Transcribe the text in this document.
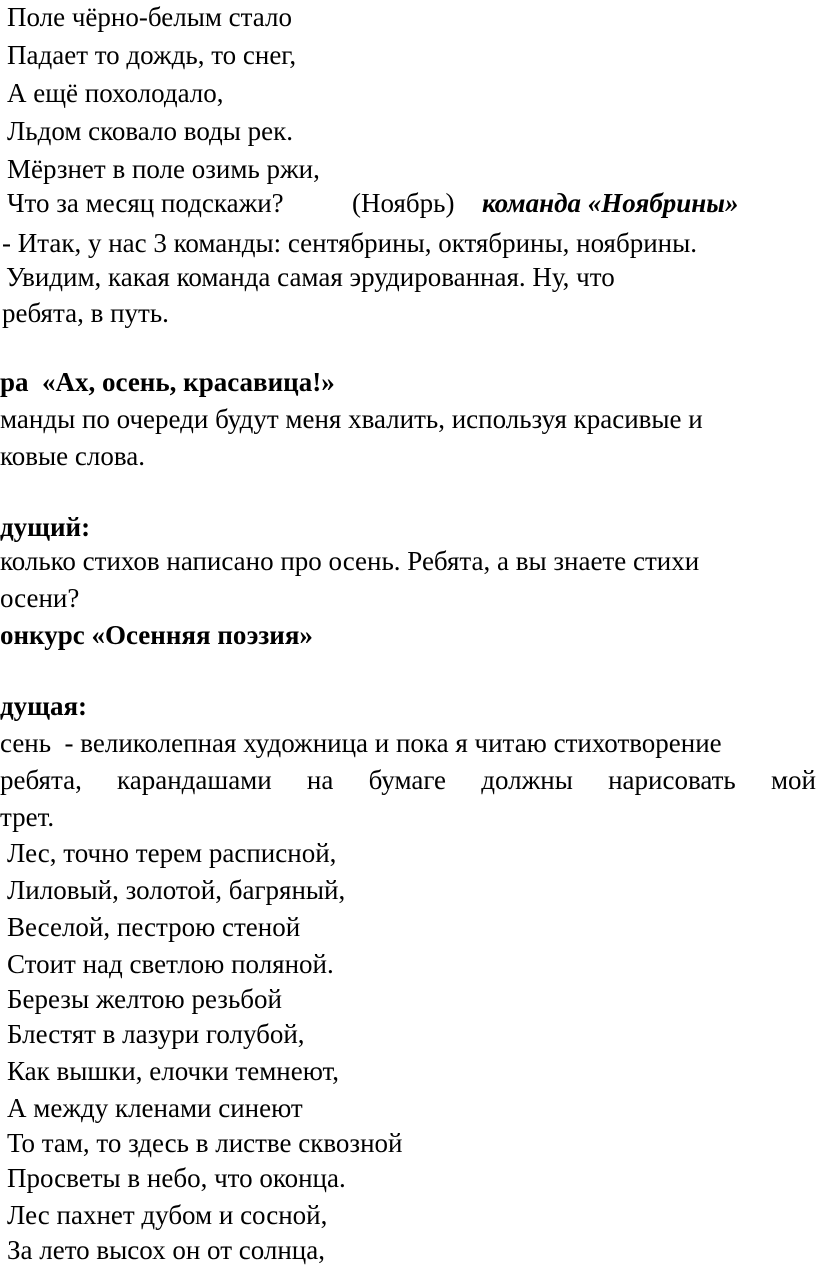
Поле чёрно-белым стало
Падает то дождь, то снег,
А ещё похолодало,
Льдом сковало воды рек.
Мёрзнет в поле озимь ржи,
Что за месяц подскажи?	(Ноябрь) команда «Ноябрины»
- Итак, у нас 3 команды: сентябрины, октябрины, ноябрины.
Увидим, какая команда самая эрудированная. Ну, что
ребята, в путь.
ра  «Ах, осень, красавица!»
манды по очереди будут меня хвалить, используя красивые и
ковые слова.
дущий:
колько стихов написано про осень. Ребята, а вы знаете стихи
осени?
онкурс «Осенняя поэзия»
дущая:
сень  - великолепная художница и пока я читаю стихотворение
ребята, карандашами на бумаге должны нарисовать мой
трет.
Лес, точно терем расписной,
Лиловый, золотой, багряный,
Веселой, пестрою стеной
Стоит над светлою поляной.
Березы желтою резьбой
Блестят в лазури голубой,
Как вышки, елочки темнеют,
А между кленами синеют
То там, то здесь в листве сквозной
Просветы в небо, что оконца.
Лес пахнет дубом и сосной,
За лето высох он от солнца,
